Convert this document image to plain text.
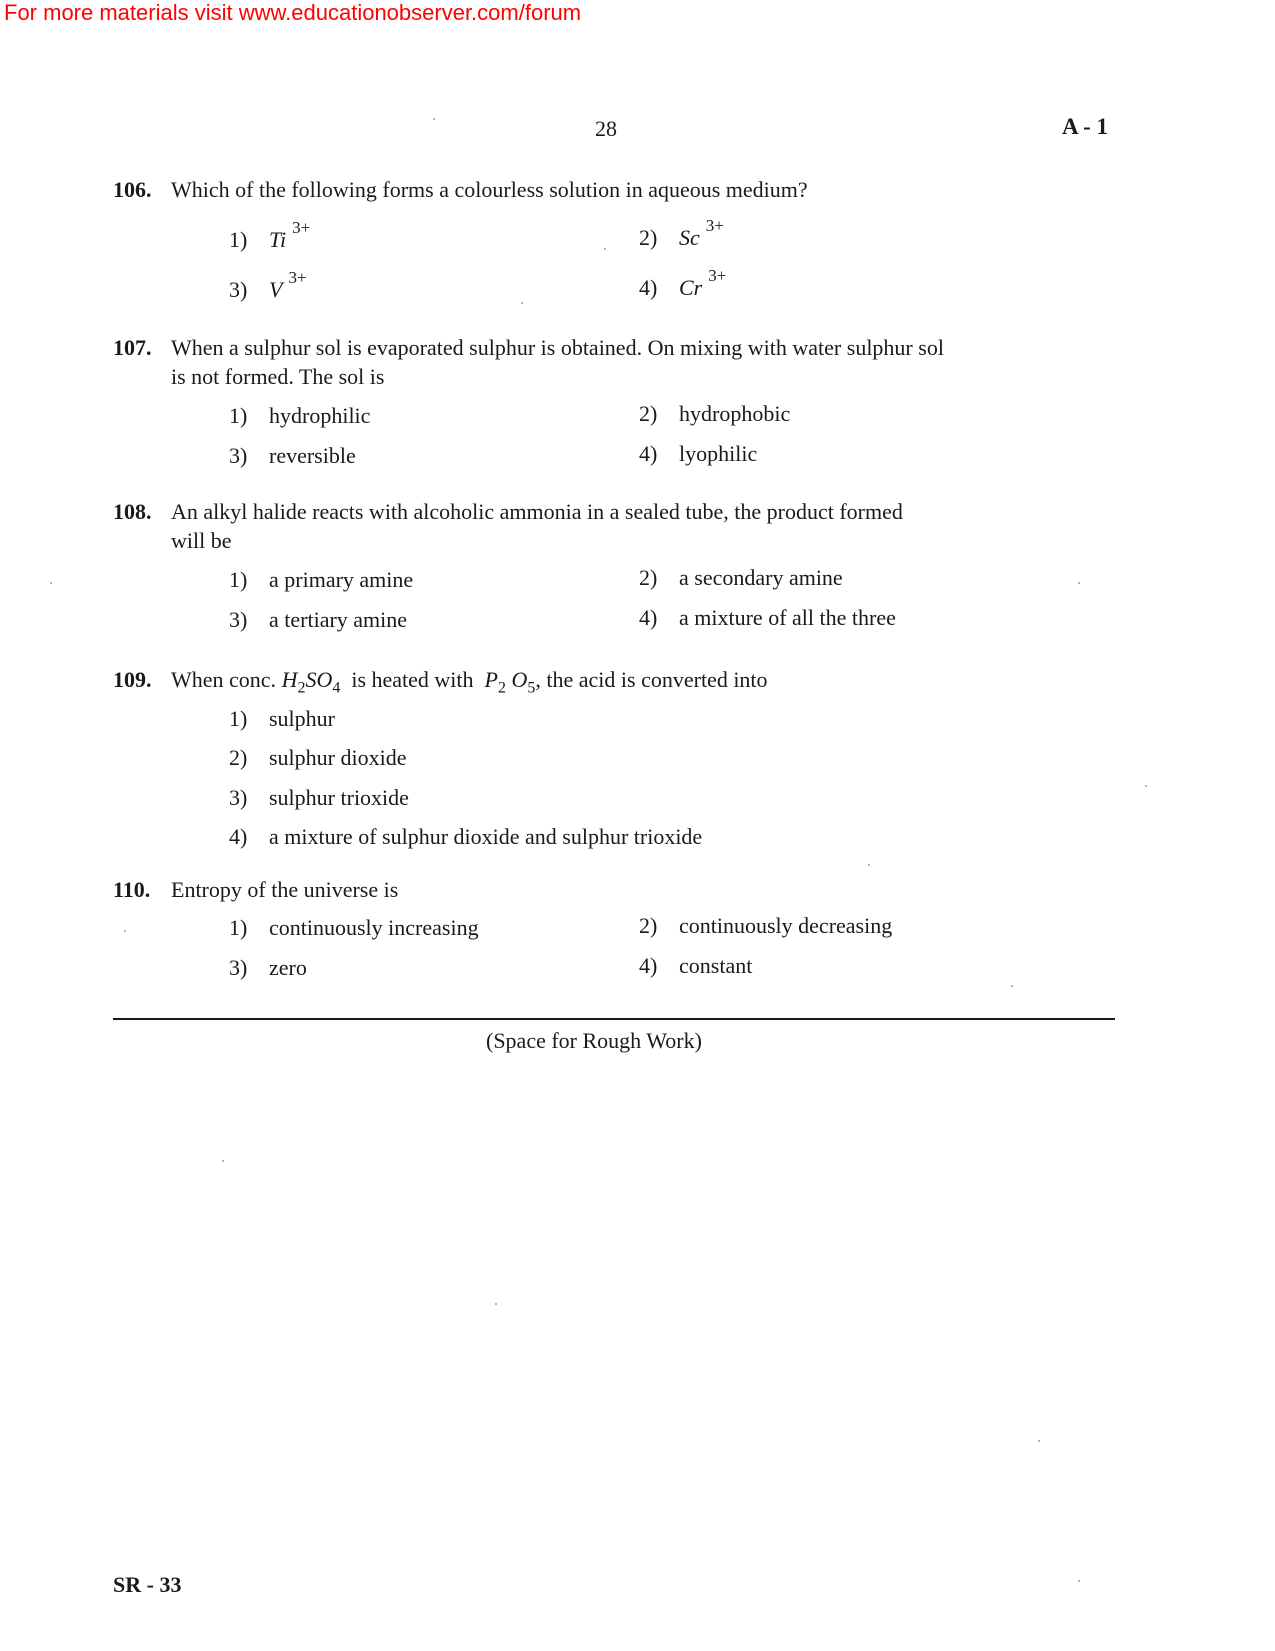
For more materials visit www.educationobserver.com/forum
28	A - 1
106. Which of the following forms a colourless solution in aqueous medium?
1) Ti $^{3+}$	2) Sc $^{3+}$
3) V $^{3+}$	4) Cr $^{3+}$
107. When a sulphur sol is evaporated sulphur is obtained. On mixing with water sulphur sol
is not formed. The sol is
1) hydrophilic	2) hydrophobic
3) reversible	4) lyophilic
108. An alkyl halide reacts with alcoholic ammonia in a sealed tube, the product formed
will be
1) a primary amine	2) a secondary amine
3) a tertiary amine	4) a mixture of all the three
109. When conc. $H_2SO_4$ is heated with $P_2$ $O_5$, the acid is converted into
1) sulphur
2) sulphur dioxide
3) sulphur trioxide
4) a mixture of sulphur dioxide and sulphur trioxide
110. Entropy of the universe is
1) continuously increasing	2) continuously decreasing
3) zero	4) constant
(Space for Rough Work)
SR - 33
